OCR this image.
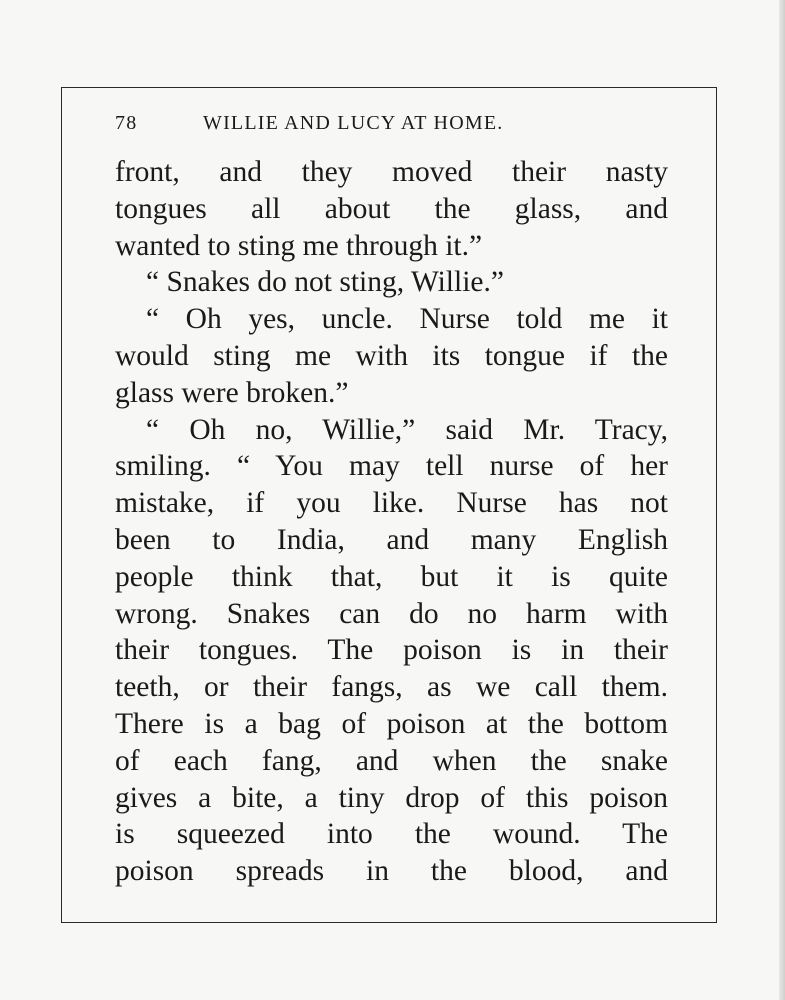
78	WILLIE AND LUCY AT HOME.
front, and they moved their nasty
tongues all about the glass, and
wanted to sting me through it.”
“ Snakes do not sting, Willie.”
“ Oh yes, uncle. Nurse told me it
would sting me with its tongue if the
glass were broken.”
“ Oh no, Willie,” said Mr. Tracy,
smiling. “ You may tell nurse of her
mistake, if you like. Nurse has not
been to India, and many English
people think that, but it is quite
wrong. Snakes can do no harm with
their tongues. The poison is in their
teeth, or their fangs, as we call them.
There is a bag of poison at the bottom
of each fang, and when the snake
gives a bite, a tiny drop of this poison
is squeezed into the wound. The
poison spreads in the blood, and
